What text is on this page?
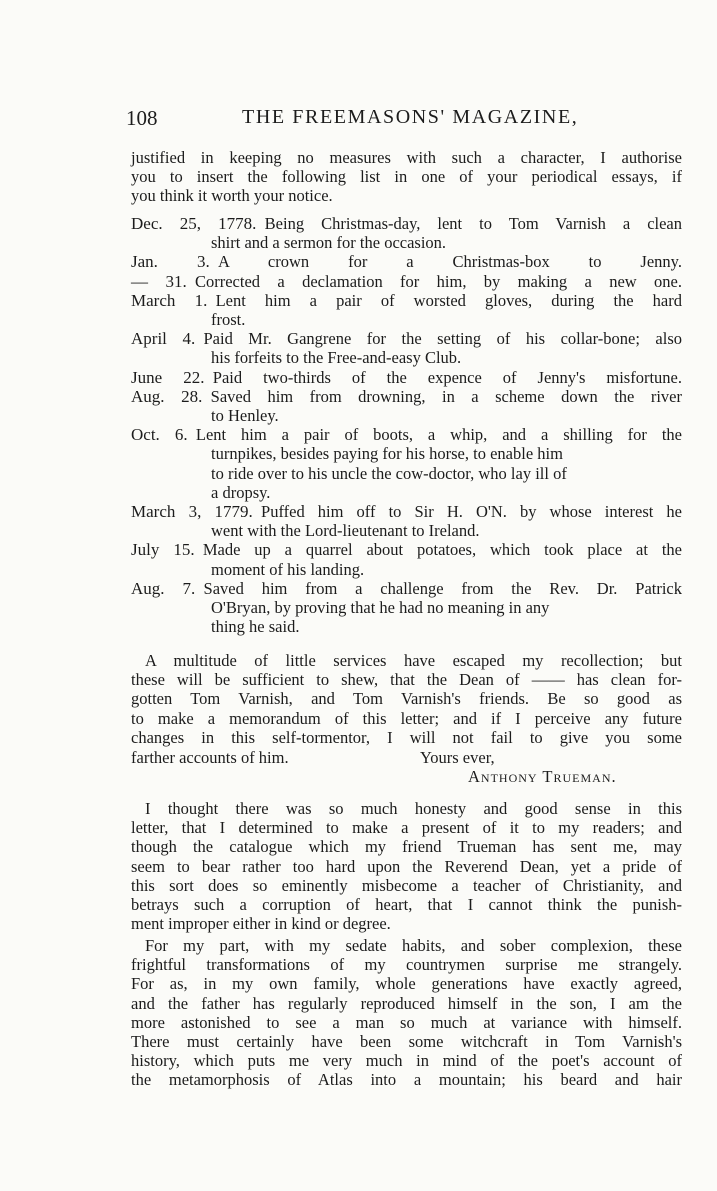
108	THE FREEMASONS' MAGAZINE,

justified in keeping no measures with such a character, I authorise
you to insert the following list in one of your periodical essays, if
you think it worth your notice.

Dec. 25, 1778.  Being Christmas-day, lent to Tom Varnish a clean
shirt and a sermon for the occasion.

Jan. 3.  A crown for a Christmas-box to Jenny.

— 31.  Corrected a declamation for him, by making a new one.

March 1.  Lent him a pair of worsted gloves, during the hard
frost.

April 4.  Paid Mr. Gangrene for the setting of his collar-bone; also
his forfeits to the Free-and-easy Club.

June 22.  Paid two-thirds of the expence of Jenny's misfortune.

Aug. 28.  Saved him from drowning, in a scheme down the river
to Henley.

Oct. 6.  Lent him a pair of boots, a whip, and a shilling for the
turnpikes, besides paying for his horse, to enable him
to ride over to his uncle the cow-doctor, who lay ill of
a dropsy.

March 3, 1779.  Puffed him off to Sir H. O'N. by whose interest he
went with the Lord-lieutenant to Ireland.

July 15.  Made up a quarrel about potatoes, which took place at the
moment of his landing.

Aug. 7.  Saved him from a challenge from the Rev. Dr. Patrick
O'Bryan, by proving that he had no meaning in any
thing he said.

A multitude of little services have escaped my recollection; but
these will be sufficient to shew, that the Dean of —— has clean for-
gotten Tom Varnish, and Tom Varnish's friends. Be so good as
to make a memorandum of this letter; and if I perceive any future
changes in this self-tormentor, I will not fail to give you some

farther accounts of him.	Yours ever,
Anthony Trueman.

I thought there was so much honesty and good sense in this
letter, that I determined to make a present of it to my readers; and
though the catalogue which my friend Trueman has sent me, may
seem to bear rather too hard upon the Reverend Dean, yet a pride of
this sort does so eminently misbecome a teacher of Christianity, and
betrays such a corruption of heart, that I cannot think the punish-
ment improper either in kind or degree.

For my part, with my sedate habits, and sober complexion, these
frightful transformations of my countrymen surprise me strangely.
For as, in my own family, whole generations have exactly agreed,
and the father has regularly reproduced himself in the son, I am the
more astonished to see a man so much at variance with himself.
There must certainly have been some witchcraft in Tom Varnish's
history, which puts me very much in mind of the poet's account of
the metamorphosis of Atlas into a mountain; his beard and hair
